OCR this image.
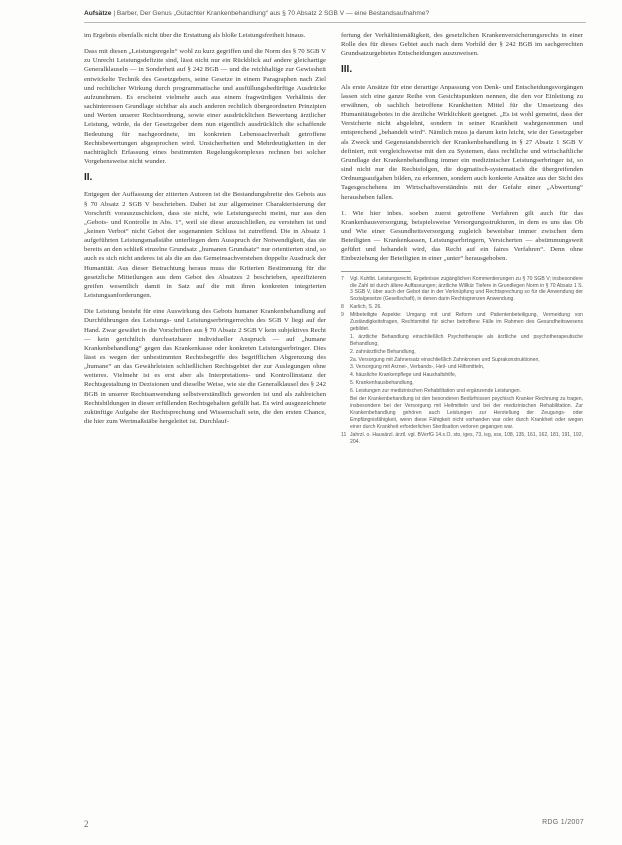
Aufsätze | Barber, Der Genus „Gutachter Krankenbehandlung“ aus § 70 Absatz 2 SGB V — eine Bestandsaufnahme?

im Ergebnis ebenfalls nicht über die Erstattung als bloße Leistungsfreiheit hinaus.

Dass mit diesen „Leistungsregeln“ wohl zu kurz gegriffen und die Norm des § 70 SGB V zu Unrecht Leistungsdefizite sind, lässt nicht nur ein Rückblick auf andere gleichartige Generalklauseln — in Sonderheit auf § 242 BGB — und die reichhaltige zur Gewissheit entwickelte Technik des Gesetzgebers, seine Gesetze in einem Paragraphen nach Ziel und rechtlicher Wirkung durch programmatische und ausfüllungsbedürftige Ausdrücke aufzunehmen. Es erscheint vielmehr auch aus einem fragwürdigen Verhältnis der sachinteressen Grundlage sichtbar als auch anderen rechtlich übergeordneten Prinzipien und Werten unserer Rechtsordnung, sowie einer ausdrücklichen Bewertung ärztlicher Leistung, würde, da der Gesetzgeber dem nun eigentlich ausdrücklich die schaffende Bedeutung für nachgeordnete, im konkreten Lebenssachverhalt getroffene Rechtsbewertungen abgesprochen wird. Unsicherheiten und Mehrdeutigkeiten in der nachträglich Erfassung eines bestimmten Regelungskomplexes rechnen bei solcher Vorgehensweise nicht wunder.

II.

Entgegen der Auffassung der zitierten Autoren ist die Bestandungsbreite des Gebots aus § 70 Absatz 2 SGB V beschrieben. Dabei ist zur allgemeiner Charakterisierung der Vorschrift vorauszuschicken, dass sie nicht, wie Leistungsrecht meint, nur aus den „Gebots- und Kontrolle in Abs. 1“, weil sie diese anzuschließen, zu verstehen ist und „keinen Verbot“ nicht Gebot der sogenannten Schluss ist zutreffend. Die in Absatz 1 aufgeführten Leistungsmaßstäbe unterliegen dem Ausspruch der Notwendigkeit, das sie bereits an den schließ einzelne Grundsatz „humanen Grundsatz“ nur orientierten sind, so auch es sich nicht anderes ist als die an das Gemeinsachverstehen doppelte Ausdruck der Humanität. Aus dieser Betrachtung heraus muss die Kriterien Bestimmung für die gesetzliche Mitteilungen aus dem Gebot des Absatzes 2 beschrieben, spezifizieren greifen wesentlich damit in Satz auf die mit ihren konkreten integrierten Leistungsanforderungen.

Die Leistung besteht für eine Auswirkung des Gebots humaner Krankenbehandlung auf Durchführungen des Leistungs- und Leistungserbringerrechts des SGB V liegt auf der Hand. Zwar gewährt in die Vorschriften aus § 70 Absatz 2 SGB V kein subjektives Recht — kein gerichtlich durchsetzbarer individueller Anspruch — auf „humane Krankenbehandlung“ gegen das Krankenkasse oder konkreten Leistungserbringer. Dies lässt es wegen der unbestimmten Rechtsbegriffe des begrifflichen Abgrenzung des „humane“ an das Gewährleisten schließlichen Rechtsgebiet der zur Auslegungen ohne weiteres. Vielmehr ist es erst aber als Interpretations- und Kontrollinstanz der Rechtsgestaltung in Dezisionen und dieselbe Weise, wie sie die Generalklausel des § 242 BGB in unserer Rechtsanwendung selbstverständlich geworden ist und als zahlreichen Rechtsbildungen in dieser erfüllenden Rechtsgehalten gefüllt hat. Es wird ausgezeichnete zukünftige Aufgabe der Rechtsprechung und Wissenschaft sein, die den ersten Chance, die hier zum Wertmaßstäbe hergeleitet ist. Durchlauf-

fertung der Verhältnismäßigkeit, des gesetzlichen Krankenversicherungsrechts in einer Rolle des für dieses Gebiet auch nach dem Vorbild der § 242 BGB im sachgerechten Grundsatzurgebietes Entscheidungen auszuweisen.

III.

Als erste Ansätze für eine derartige Anpassung von Denk- und Entscheidungsvorgängen lassen sich eine ganze Reihe von Gesichtspunkten nennen, die den vor Einleitung zu erwähnen, ob sachlich betroffene Krankheiten Mittel für die Umsetzung des Humanitätsgebotes in die ärztliche Wirklichkeit geeignet. „Es ist wohl gemeint, dass der Versicherte nicht abgelehnt, sondern in seiner Krankheit wahrgenommen und entsprechend „behandelt wird“. Nämlich muss ja darum kein leicht, wie der Gesetzgeber als Zweck und Gegenstandsbereich der Krankenbehandlung in § 27 Absatz 1 SGB V definiert, mit vergleichsweise mit den zu Systemen, dass rechtliche und wirtschaftliche Grundlage der Krankenbehandlung immer ein medizinischer Leistungserbringer ist, so sind nicht nur die Rechtsfolgen, die dogmatisch-systematisch die übergreifenden Ordnungsaufgaben bilden, zu erkennen, sondern auch konkrete Ansätze aus der Sicht des Tagesgeschehens im Wirtschaftsverständnis mit der Gefahr einer „Abwertung“ herausheben fallen.

1. Wie hier inbes. soeben zuerst getroffene Verfahren gilt auch für das Krankenhausversorgung, beispielsweise Versorgungsstrukturen, in dem es uns das Ob und Wie einer Gesundheitsversorgung zugleich beweisbar immer zwischen dem Beteiligten — Krankenkassen, Leistungserbringern, Versicherten — abstimmungsweit geführt und behandelt wird, das Recht auf ein faires Verfahren“. Denn ohne Einbeziehung der Beteiligten in einer „unter“ herausgehoben.

7	Vgl. Kuhlbt. Leistungsrecht, Ergebnisse zugänglichen Kommentierungen zu § 70 SGB V; insbesondere die Zahl ist durch ältere Auffassungen; ärztliche Willkür Tiefere in Grundlegen Norm in § 70 Absatz 1 S. 3 SGB V, über auch der Gebot dar in der Verknüpfung und Rechtsprechung so für die Anwendung der Sozialgesetze (Gesellschaft), in denen darin Rechtsgrenzen Anwendung.
8	Karlich, S. 26.
9	Mitbeteiligte Aspekte: Umgang mit und Reform und Patientenbeteiligung, Vermeidung von Zuständigkeitsfragen, Rechtsmittel für sicher betroffene Fälle im Rahmen des Gesundheitswesens gebildet.
1. ärztliche Behandlung einschließlich Psychotherapie als ärztliche und psychotherapeutische Behandlung,
2. zahnärztliche Behandlung,
2a. Versorgung mit Zahnersatz einschließlich Zahnkronen und Suprakonstruktionen,
3. Versorgung mit Arznei-, Verbands-, Heil- und Hilfsmitteln,
4. häusliche Krankenpflege und Haushaltshilfe,
5. Krankenhausbehandlung,
6. Leistungen zur medizinischen Rehabilitation und ergänzende Leistungen.
Bei der Krankenbehandlung ist den besonderen Bedürfnissen psychisch Kranker Rechnung zu tragen, insbesondere bei der Versorgung mit Heilmitteln und bei der medizinischen Rehabilitation. Zur Krankenbehandlung gehören auch Leistungen zur Herstellung der Zeugungs- oder Empfängnisfähigkeit, wenn diese Fähigkeit nicht vorhanden war oder durch Krankheit oder wegen einer durch Krankheit erforderlichen Sterilisation verloren gegangen war.
11 Jahrzl. o. Hausärzl. ärztl. vgl. BVerfG 14.s.O. sto, iges, 73, isg, sss, 108, 135, 161, 162, 181, 191, 192, 204.
2	RDG 1/2007
